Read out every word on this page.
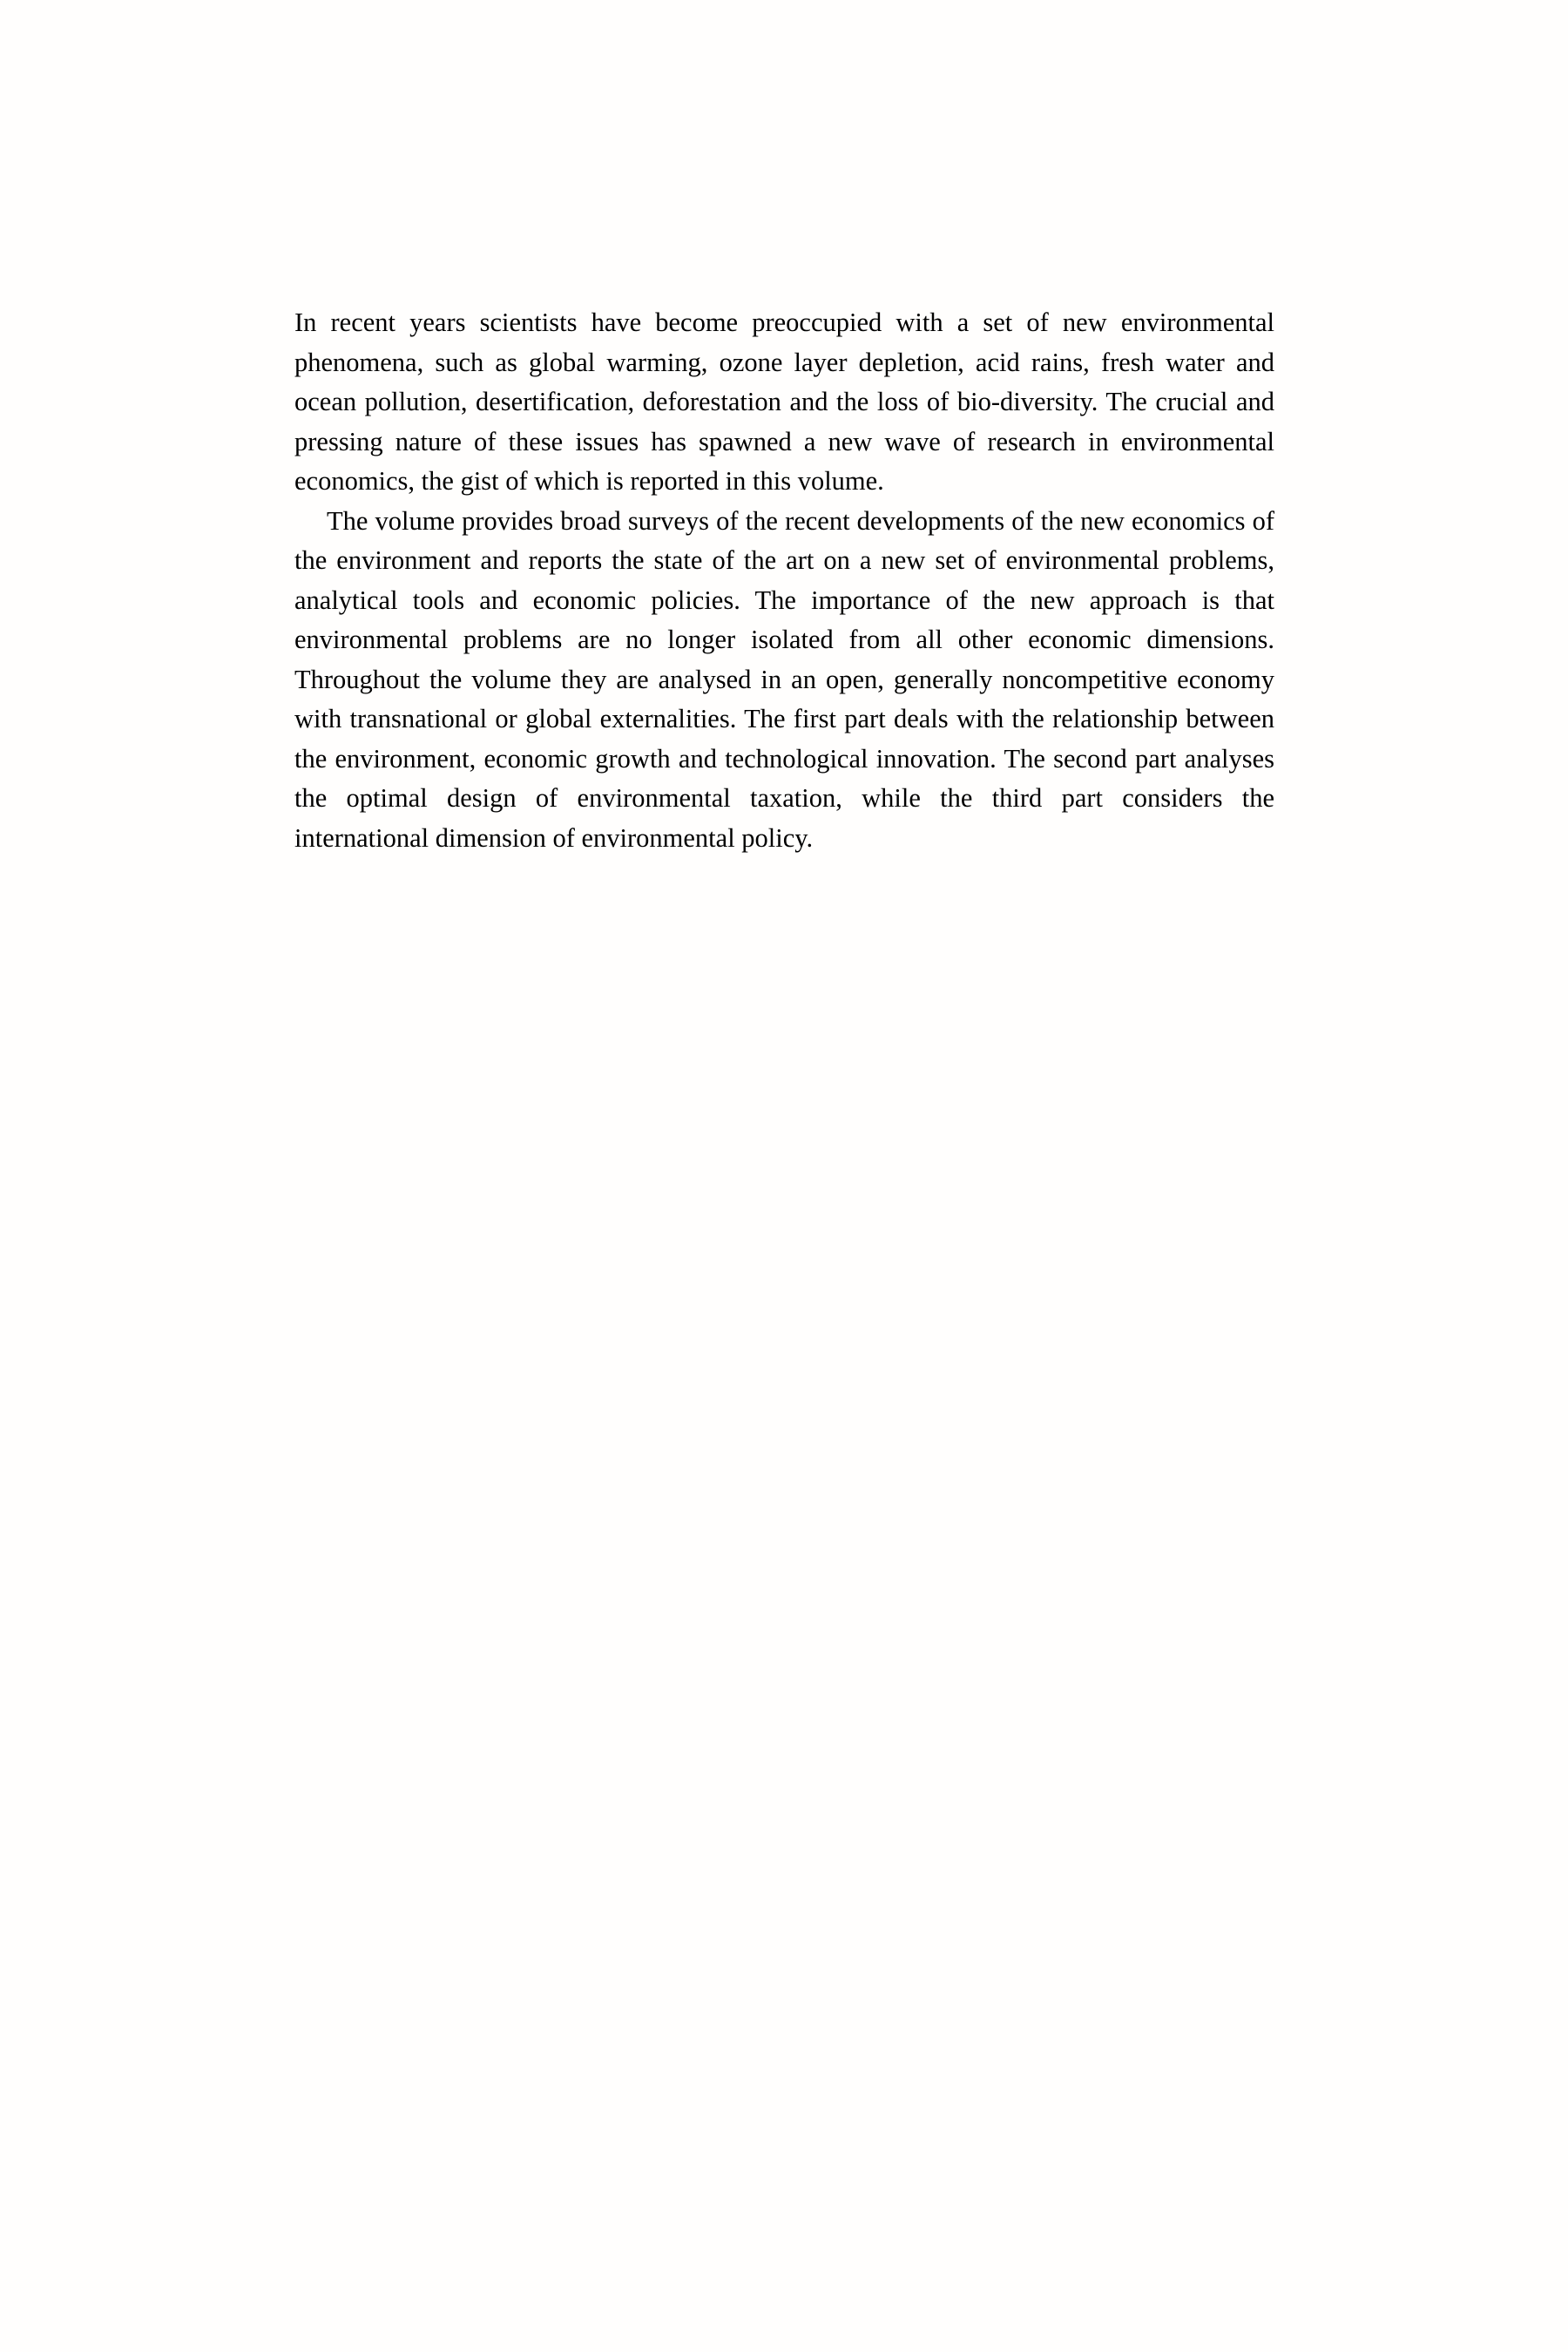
In recent years scientists have become preoccupied with a set of new environmental phenomena, such as global warming, ozone layer depletion, acid rains, fresh water and ocean pollution, desertification, deforestation and the loss of bio-diversity. The crucial and pressing nature of these issues has spawned a new wave of research in environmental economics, the gist of which is reported in this volume.

The volume provides broad surveys of the recent developments of the new economics of the environment and reports the state of the art on a new set of environmental problems, analytical tools and economic policies. The importance of the new approach is that environmental problems are no longer isolated from all other economic dimensions. Throughout the volume they are analysed in an open, generally noncompetitive economy with transnational or global externalities. The first part deals with the relationship between the environment, economic growth and technological innovation. The second part analyses the optimal design of environmental taxation, while the third part considers the international dimension of environmental policy.
